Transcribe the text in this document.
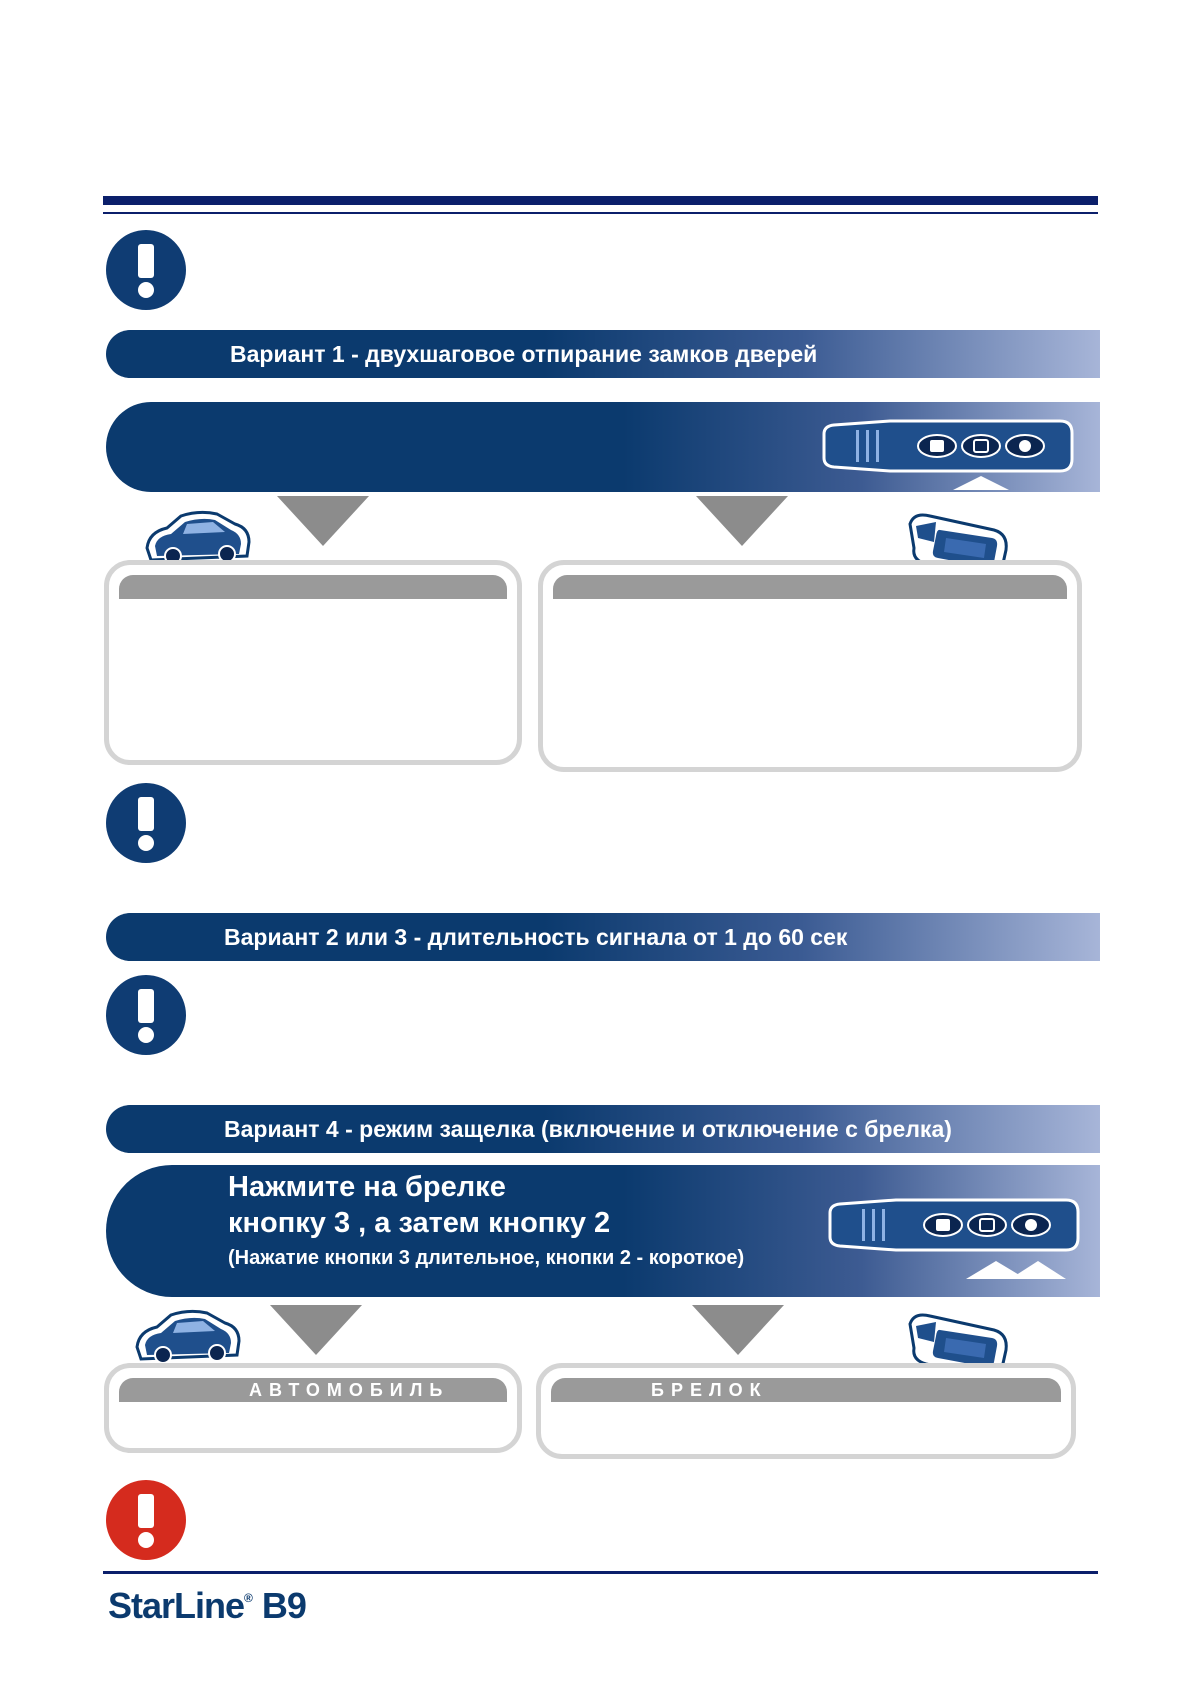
Вариант 1 - двухшаговое отпирание замков дверей
Вариант 2 или 3 - длительность сигнала от 1 до 60 сек
Вариант 4 - режим защелка (включение и отключение с брелка)
Нажмите на брелке
кнопку 3 , а затем кнопку 2
(Нажатие кнопки 3 длительное, кнопки 2 - короткое)
АВТОМОБИЛЬ	БРЕЛОК
StarLine® B9
